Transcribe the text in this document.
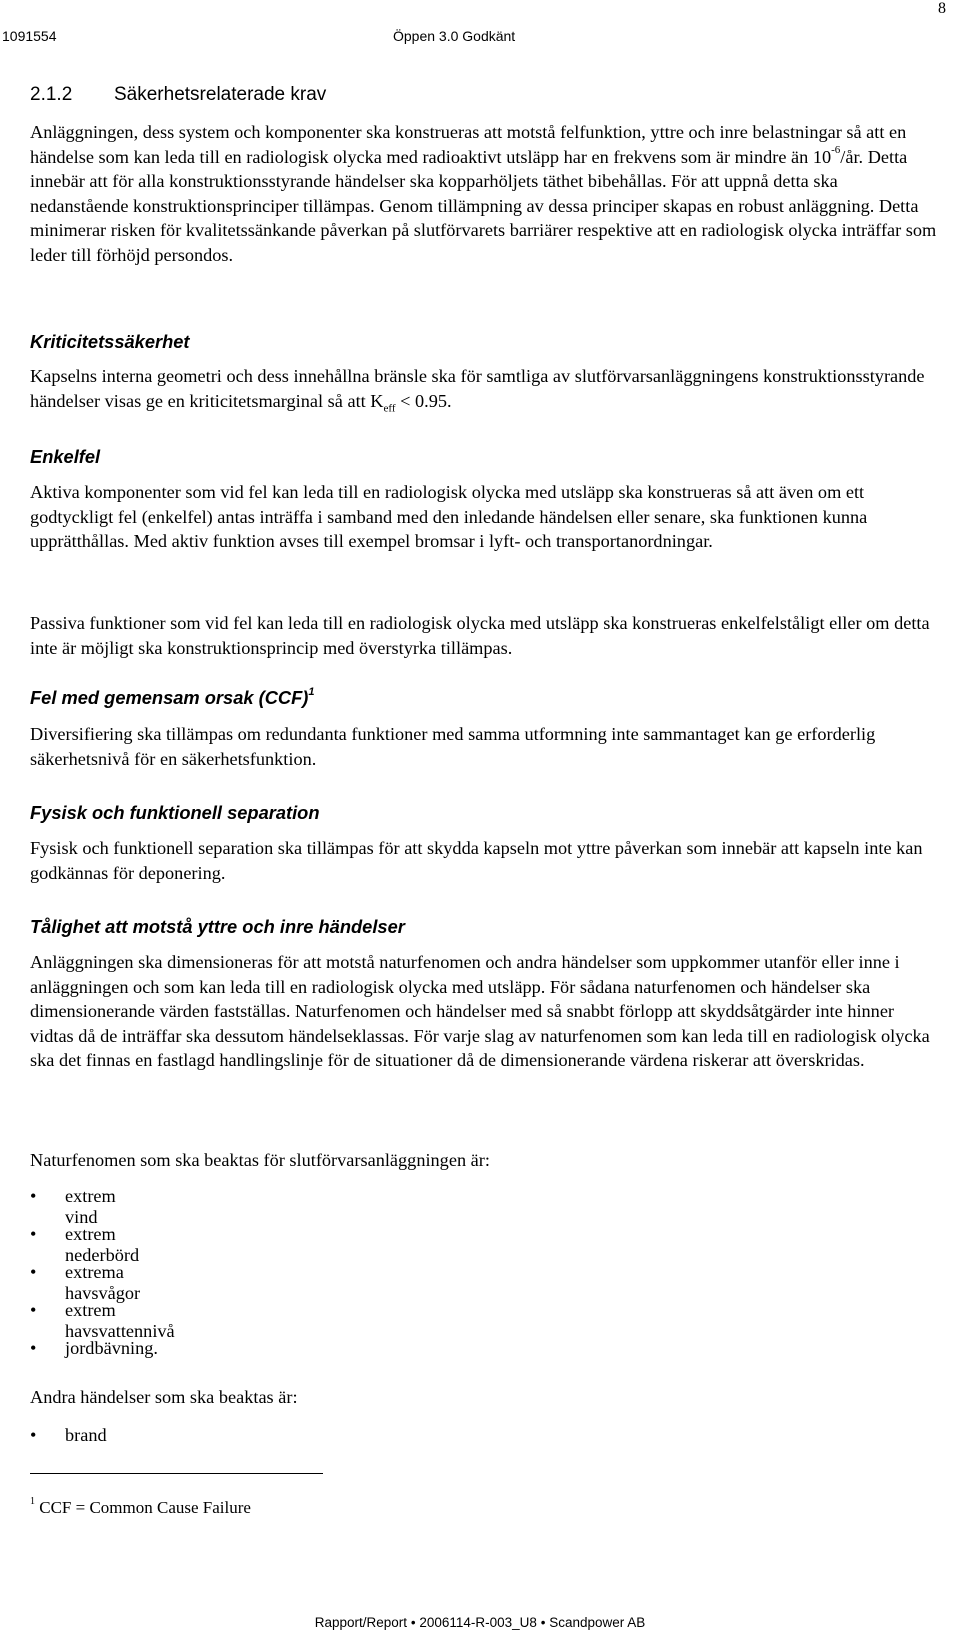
1091554	Öppen 3.0 Godkänt
8
2.1.2 Säkerhetsrelaterade krav

Anläggningen, dess system och komponenter ska konstrueras att motstå felfunktion, yttre och inre belastningar så att en händelse som kan leda till en radiologisk olycka med radioaktivt utsläpp har en frekvens som är mindre än $10^{-6}/år$. Detta innebär att för alla konstruktionsstyrande händelser ska kopparhöljets täthet bibehållas. För att uppnå detta ska nedanstående konstruktionsprinciper tillämpas. Genom tillämpning av dessa principer skapas en robust anläggning. Detta minimerar risken för kvalitetssänkande påverkan på slutförvarets barriärer respektive att en radiologisk olycka inträffar som leder till förhöjd persondos.

Kriticitetssäkerhet

Kapselns interna geometri och dess innehållna bränsle ska för samtliga av slutförvarsanläggningens konstruktionsstyrande händelser visas ge en kriticitetsmarginal så att $K_{eff} < 0.95$.

Enkelfel

Aktiva komponenter som vid fel kan leda till en radiologisk olycka med utsläpp ska konstrueras så att även om ett godtyckligt fel (enkelfel) antas inträffa i samband med den inledande händelsen eller senare, ska funktionen kunna upprätthållas. Med aktiv funktion avses till exempel bromsar i lyft- och transportanordningar.

Passiva funktioner som vid fel kan leda till en radiologisk olycka med utsläpp ska konstrueras enkelfelståligt eller om detta inte är möjligt ska konstruktionsprincip med överstyrka tillämpas.

Fel med gemensam orsak (CCF)$^1$

Diversifiering ska tillämpas om redundanta funktioner med samma utformning inte sammantaget kan ge erforderlig säkerhetsnivå för en säkerhetsfunktion.

Fysisk och funktionell separation

Fysisk och funktionell separation ska tillämpas för att skydda kapseln mot yttre påverkan som innebär att kapseln inte kan godkännas för deponering.

Tålighet att motstå yttre och inre händelser

Anläggningen ska dimensioneras för att motstå naturfenomen och andra händelser som uppkommer utanför eller inne i anläggningen och som kan leda till en radiologisk olycka med utsläpp. För sådana naturfenomen och händelser ska dimensionerande värden fastställas. Naturfenomen och händelser med så snabbt förlopp att skyddsåtgärder inte hinner vidtas då de inträffar ska dessutom händelseklassas. För varje slag av naturfenomen som kan leda till en radiologisk olycka ska det finnas en fastlagd handlingslinje för de situationer då de dimensionerande värdena riskerar att överskridas.

Naturfenomen som ska beaktas för slutförvarsanläggningen är:

• extrem vind
• extrem nederbörd
• extrema havsvågor
• extrem havsvattennivå
• jordbävning.

Andra händelser som ska beaktas är:

• brand
$^1$ CCF = Common Cause Failure
Rapport/Report • 2006114-R-003_U8 • Scandpower AB
